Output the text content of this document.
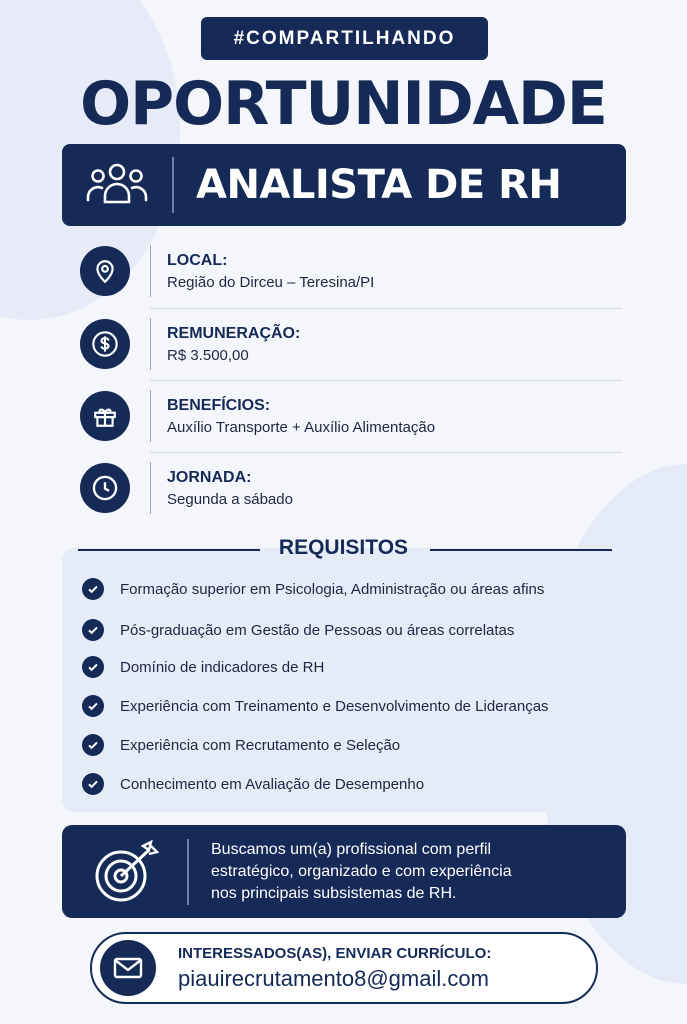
#COMPARTILHANDO
OPORTUNIDADE
ANALISTA DE RH
LOCAL:
Região do Dirceu – Teresina/PI
REMUNERAÇÃO:
R$ 3.500,00
BENEFÍCIOS:
Auxílio Transporte + Auxílio Alimentação
JORNADA:
Segunda a sábado
REQUISITOS
Formação superior em Psicologia, Administração ou áreas afins
Pós-graduação em Gestão de Pessoas ou áreas correlatas
Domínio de indicadores de RH
Experiência com Treinamento e Desenvolvimento de Lideranças
Experiência com Recrutamento e Seleção
Conhecimento em Avaliação de Desempenho
Buscamos um(a) profissional com perfil
estratégico, organizado e com experiência
nos principais subsistemas de RH.
INTERESSADOS(AS), ENVIAR CURRÍCULO:
piauirecrutamento8@gmail.com
